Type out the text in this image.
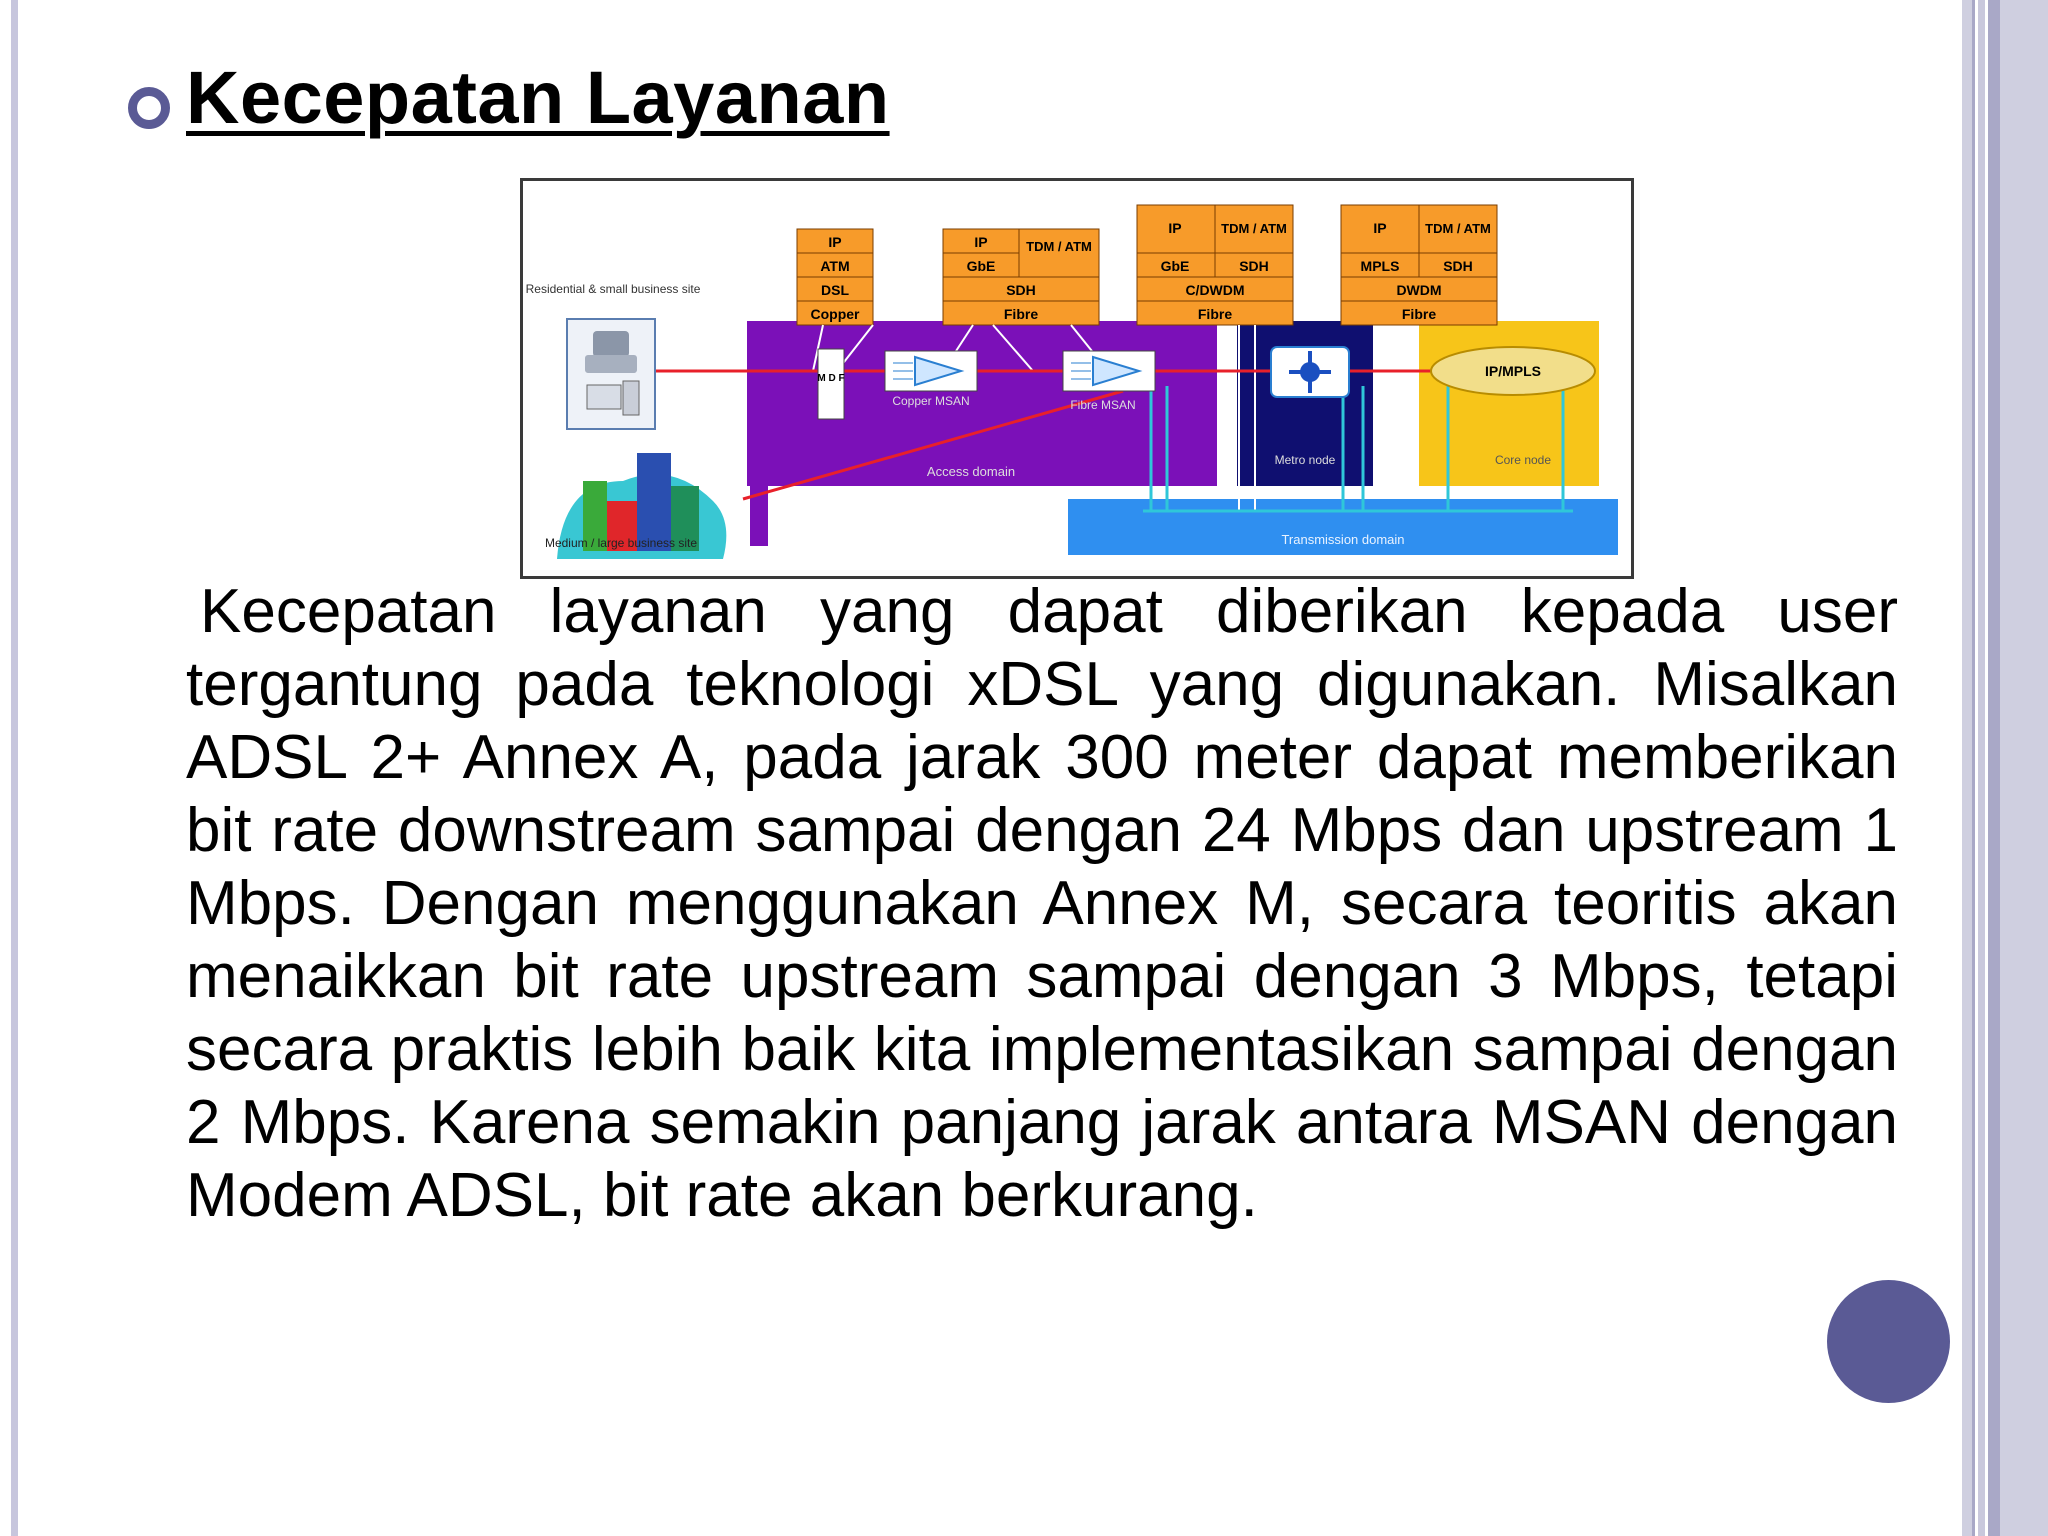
Kecepatan Layanan
IP
ATM
DSL
Copper
IP
GbE
TDM / ATM
SDH
Fibre
IP
GbE
TDM / ATM
SDH
C/DWDM
Fibre
IP
MPLS
TDM / ATM
SDH
DWDM
Fibre
M D F
Copper MSAN	Fibre MSAN
Access domain
Metro node
IP/MPLS
Core node
Transmission domain
Residential & small business site
Medium / large business site

Kecepatan layanan yang dapat diberikan kepada user tergantung pada teknologi xDSL yang digunakan. Misalkan ADSL 2+ Annex A, pada jarak 300 meter dapat memberikan bit rate downstream sampai dengan 24 Mbps dan upstream 1 Mbps. Dengan menggunakan Annex M, secara teoritis akan menaikkan bit rate upstream sampai dengan 3 Mbps, tetapi secara praktis lebih baik kita implementasikan sampai dengan 2 Mbps. Karena semakin panjang jarak antara MSAN dengan Modem ADSL, bit rate akan berkurang.
